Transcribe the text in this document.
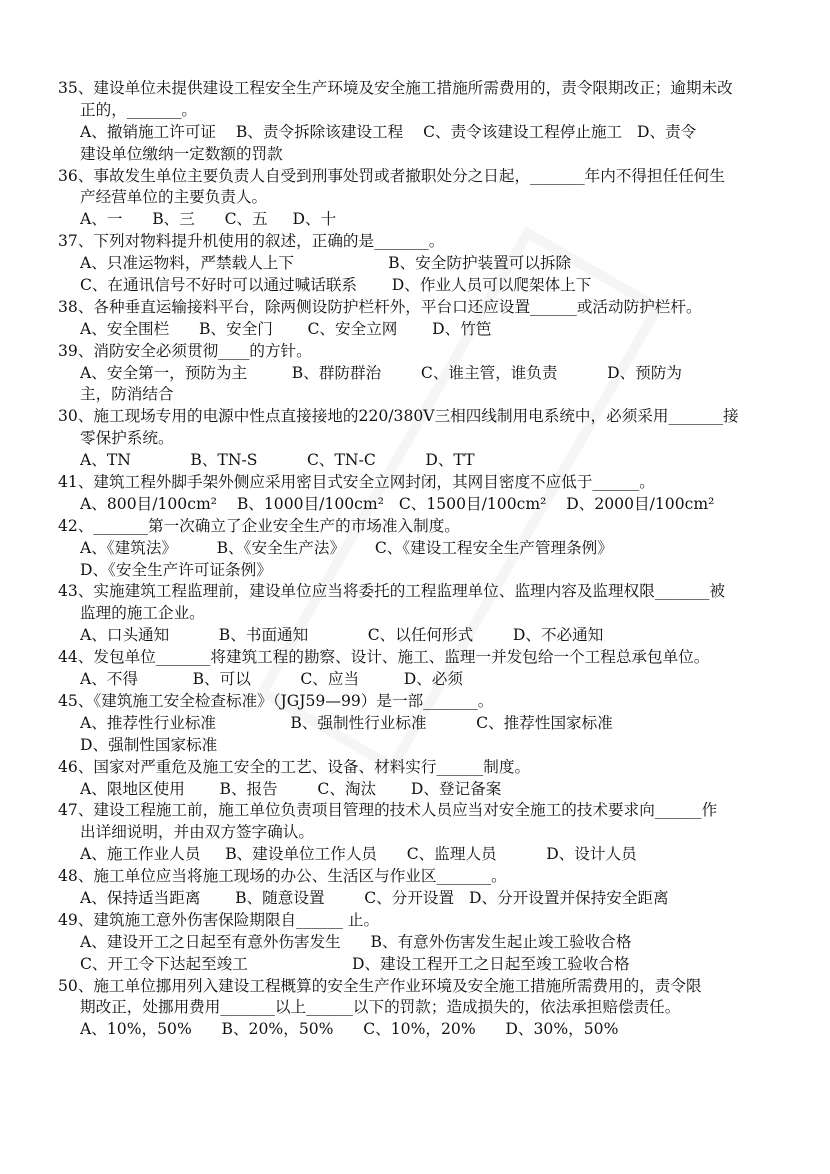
35、建设单位未提供建设工程安全生产环境及安全施工措施所需费用的，责令限期改正；逾期未改
正的，_______。
A、撤销施工许可证    B、责令拆除该建设工程    C、责令该建设工程停止施工   D、责令
建设单位缴纳一定数额的罚款
36、事故发生单位主要负责人自受到刑事处罚或者撤职处分之日起，_______年内不得担任任何生
产经营单位的主要负责人。
A、一      B、三      C、五     D、十
37、下列对物料提升机使用的叙述，正确的是_______。
A、只准运物料，严禁载人上下                   B、安全防护装置可以拆除
C、在通讯信号不好时可以通过喊话联系       D、作业人员可以爬架体上下
38、各种垂直运输接料平台，除两侧设防护栏杆外，平台口还应设置______或活动防护栏杆。
A、安全围栏      B、安全门       C、安全立网       D、竹笆
39、消防安全必须贯彻____的方针。
A、安全第一，预防为主         B、群防群治        C、谁主管，谁负责          D、预防为
主，防消结合
30、施工现场专用的电源中性点直接接地的220/380V三相四线制用电系统中，必须采用_______接
零保护系统。
A、TN            B、TN-S          C、TN-C          D、TT
41、建筑工程外脚手架外侧应采用密目式安全立网封闭，其网目密度不应低于______。
A、800目/100cm²    B、1000目/100cm²   C、1500目/100cm²    D、2000目/100cm²
42、_______第一次确立了企业安全生产的市场准入制度。
A、《建筑法》        B、《安全生产法》      C、《建设工程安全生产管理条例》
D、《安全生产许可证条例》
43、实施建筑工程监理前，建设单位应当将委托的工程监理单位、监理内容及监理权限_______被
监理的施工企业。
A、口头通知          B、书面通知            C、以任何形式        D、不必通知
44、发包单位_______将建筑工程的勘察、设计、施工、监理一并发包给一个工程总承包单位。
A、不得           B、可以          C、应当         D、必须
45、《建筑施工安全检查标准》（JGJ59—99）是一部_______。
A、推荐性行业标准               B、强制性行业标准          C、推荐性国家标准
D、强制性国家标准
46、国家对严重危及施工安全的工艺、设备、材料实行______制度。
A、限地区使用       B、报告        C、淘汰       D、登记备案
47、建设工程施工前，施工单位负责项目管理的技术人员应当对安全施工的技术要求向______作
出详细说明，并由双方签字确认。
A、施工作业人员     B、建设单位工作人员      C、监理人员          D、设计人员
48、施工单位应当将施工现场的办公、生活区与作业区_______。
A、保持适当距离       B、随意设置        C、分开设置   D、分开设置并保持安全距离
49、建筑施工意外伤害保险期限自______ 止。
A、建设开工之日起至有意外伤害发生      B、有意外伤害发生起止竣工验收合格
C、开工令下达起至竣工                     D、建设工程开工之日起至竣工验收合格
50、施工单位挪用列入建设工程概算的安全生产作业环境及安全施工措施所需费用的，责令限
期改正，处挪用费用_______以上______以下的罚款；造成损失的，依法承担赔偿责任。
A、10%，50%      B、20%，50%      C、10%，20%      D、30%，50%
